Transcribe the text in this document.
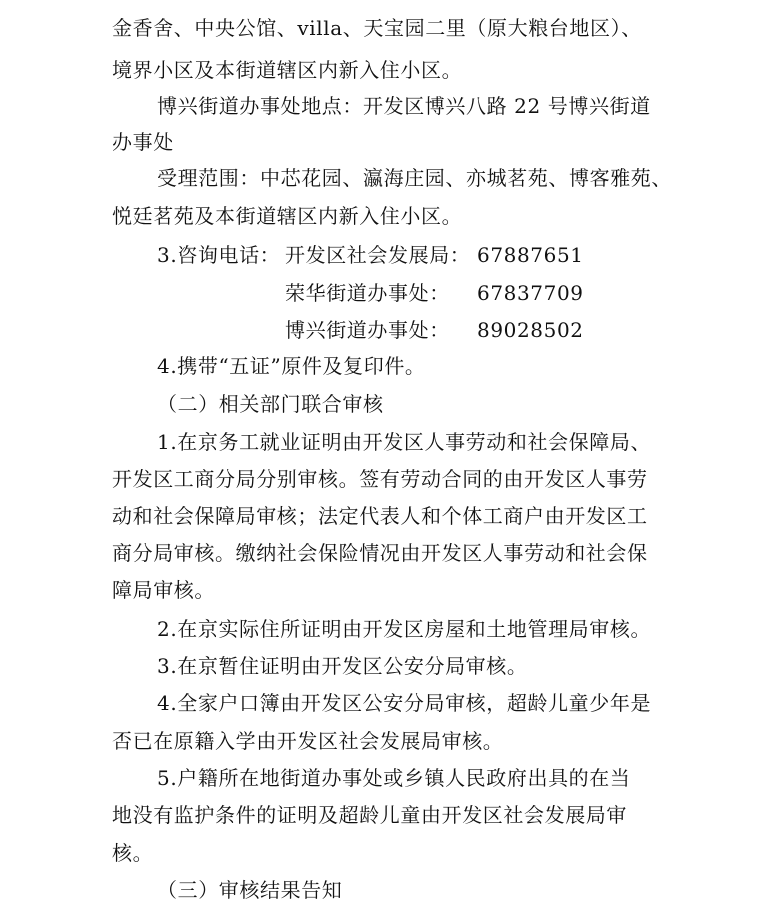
金香舍、中央公馆、villa、天宝园二里（原大粮台地区）、
境界小区及本街道辖区内新入住小区。
博兴街道办事处地点：开发区博兴八路 22 号博兴街道
办事处
受理范围：中芯花园、瀛海庄园、亦城茗苑、博客雅苑、
悦廷茗苑及本街道辖区内新入住小区。
3.咨询电话： 开发区社会发展局： 67887651
荣华街道办事处： 67837709
博兴街道办事处： 89028502
4.携带“五证”原件及复印件。
（二）相关部门联合审核
1.在京务工就业证明由开发区人事劳动和社会保障局、
开发区工商分局分别审核。签有劳动合同的由开发区人事劳
动和社会保障局审核；法定代表人和个体工商户由开发区工
商分局审核。缴纳社会保险情况由开发区人事劳动和社会保
障局审核。
2.在京实际住所证明由开发区房屋和土地管理局审核。
3.在京暂住证明由开发区公安分局审核。
4.全家户口簿由开发区公安分局审核，超龄儿童少年是
否已在原籍入学由开发区社会发展局审核。
5.户籍所在地街道办事处或乡镇人民政府出具的在当
地没有监护条件的证明及超龄儿童由开发区社会发展局审
核。
（三）审核结果告知
